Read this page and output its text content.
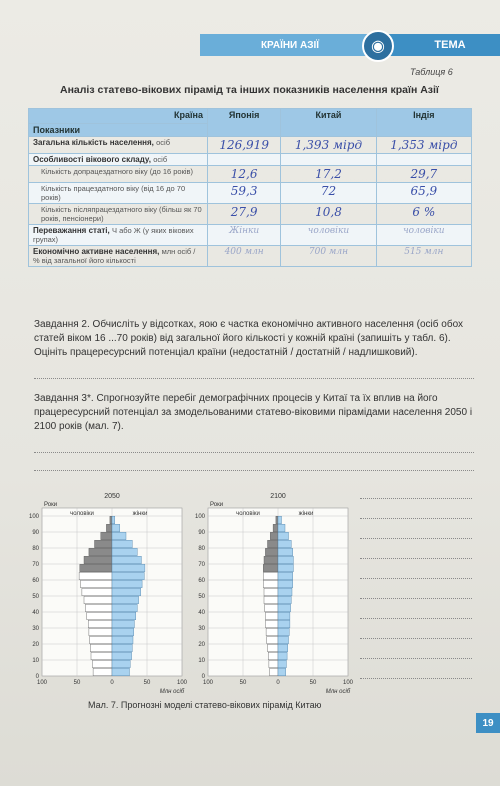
КРАЇНИ АЗІЇ	◉	ТЕМА
Таблиця 6
Аналіз статево-вікових пірамід та інших показників населення країн Азії
Країна	Японія	Китай	Індія
Показники			
Загальна кількість населення, осіб	126,919	1,393 мірд	1,353 мірд
Особливості вікового складу, осіб			
Кількість допрацездатного віку (до 16 років)	12,6	17,2	29,7
Кількість працездатного віку (від 16 до 70 років)	59,3	72	65,9
Кількість післяпрацездатного віку (більш як 70 років, пенсіонери)	27,9	10,8	6 %
Переважання статі, Ч або Ж (у яких вікових групах)	Жінки	чоловіки	чоловіки
Економічно активне населення, млн осіб / % від загальної його кількості	400 млн	700 млн	515 млн
Завдання 2. Обчисліть у відсотках, яою є частка економічно активного населення (осіб обох статей віком 16 ...70 років) від загальної його кількості у кожній країні (запишіть у табл. 6). Оцініть працересурсний потенціал країни (недостатній / достатній / надлишковий).
Завдання 3*. Спрогнозуйте перебіг демографічних процесів у Китаї та їх вплив на його працересурсний потенціал за змодельованими статево-віковими пірамідами населення 2050 і 2100 років (мал. 7).
0
10
20
30
40
50
60
70
80
90
100
100	50	0	50	100
2050
Роки
чоловіки	жінки
Млн осіб
0
10
20
30
40
50
60
70
80
90
100
100	50	0	50	100
2100
Роки
чоловіки	жінки
Млн осіб
Мал. 7. Прогнозні моделі статево-вікових пірамід Китаю
19
